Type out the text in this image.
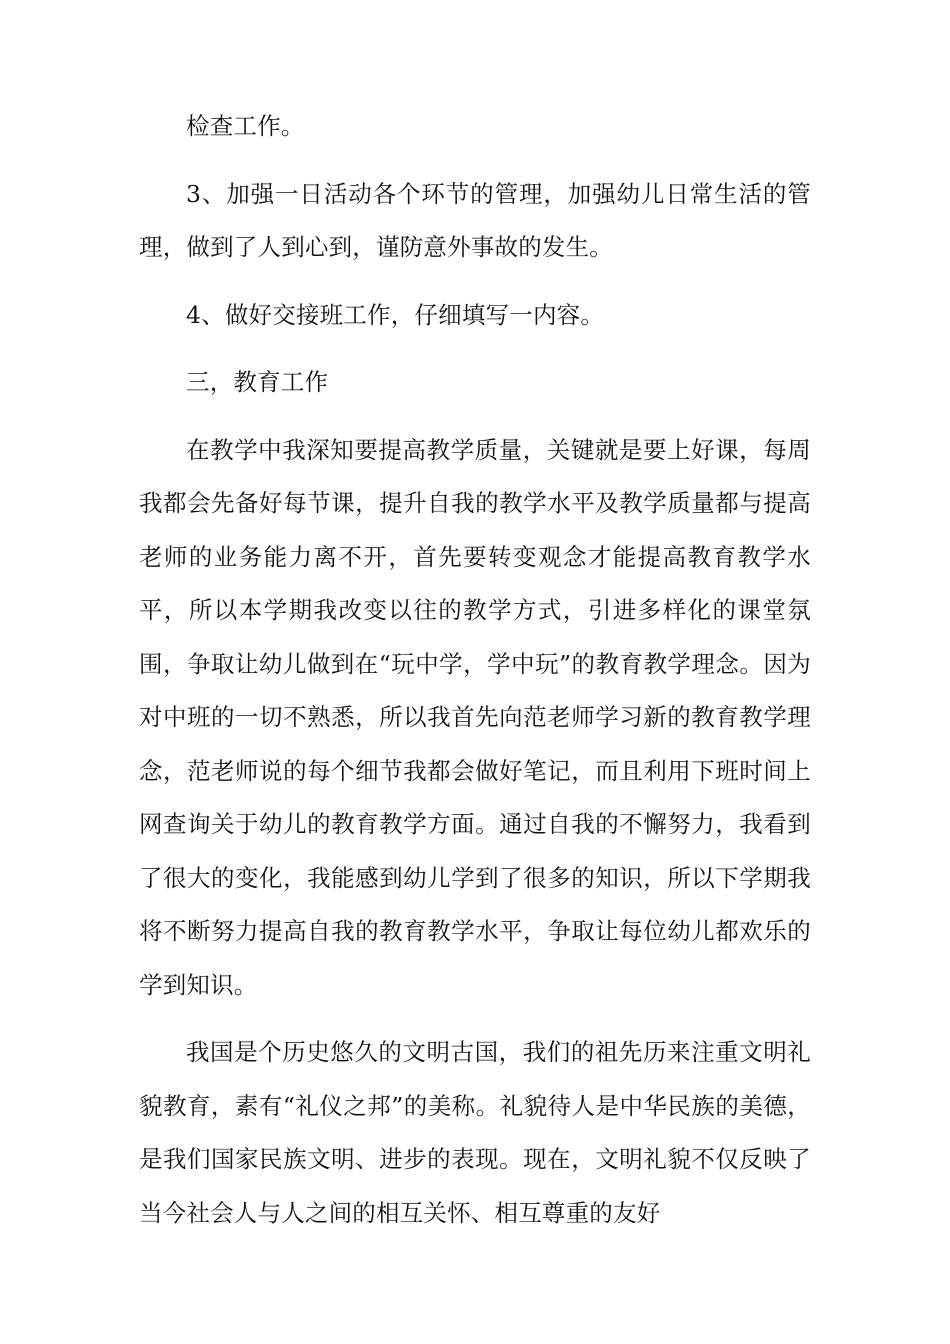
检查工作。

3、加强一日活动各个环节的管理，加强幼儿日常生活的管理，做到了人到心到，谨防意外事故的发生。

4、做好交接班工作，仔细填写一内容。

三，教育工作

在教学中我深知要提高教学质量，关键就是要上好课，每周我都会先备好每节课，提升自我的教学水平及教学质量都与提高老师的业务能力离不开，首先要转变观念才能提高教育教学水平，所以本学期我改变以往的教学方式，引进多样化的课堂氛围，争取让幼儿做到在“玩中学，学中玩”的教育教学理念。因为对中班的一切不熟悉，所以我首先向范老师学习新的教育教学理念，范老师说的每个细节我都会做好笔记，而且利用下班时间上网查询关于幼儿的教育教学方面。通过自我的不懈努力，我看到了很大的变化，我能感到幼儿学到了很多的知识，所以下学期我将不断努力提高自我的教育教学水平，争取让每位幼儿都欢乐的学到知识。

我国是个历史悠久的文明古国，我们的祖先历来注重文明礼貌教育，素有“礼仪之邦”的美称。礼貌待人是中华民族的美德，是我们国家民族文明、进步的表现。现在，文明礼貌不仅反映了当今社会人与人之间的相互关怀、相互尊重的友好
